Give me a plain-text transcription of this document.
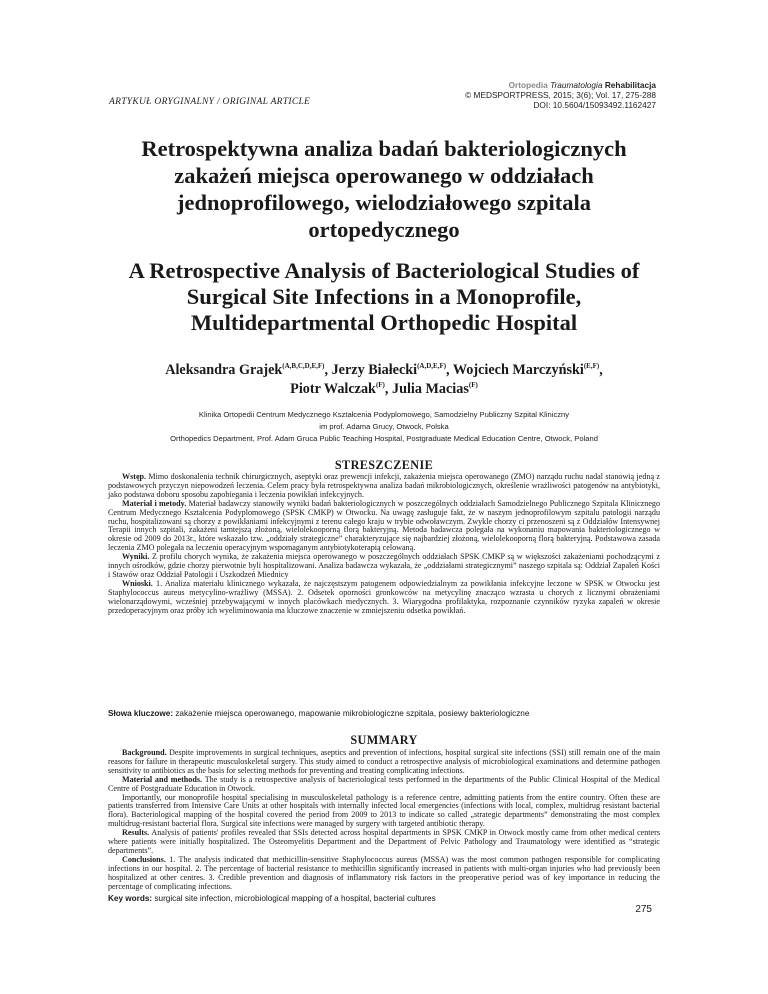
ARTYKUŁ ORYGINALNY / ORIGINAL ARTICLE
Ortopedia Traumatologia Rehabilitacja
© MEDSPORTPRESS, 2015; 3(6); Vol. 17, 275-288
DOI: 10.5604/15093492.1162427
Retrospektywna analiza badań bakteriologicznych zakażeń miejsca operowanego w oddziałach jednoprofilowego, wielodziałowego szpitala ortopedycznego
A Retrospective Analysis of Bacteriological Studies of Surgical Site Infections in a Monoprofile, Multidepartmental Orthopedic Hospital
Aleksandra Grajek$^{(A,B,C,D,E,F)}$, Jerzy Białecki$^{(A,D,E,F)}$, Wojciech Marczyński$^{(E,F)}$,
Piotr Walczak$^{(F)}$, Julia Macias$^{(F)}$
Klinika Ortopedii Centrum Medycznego Kształcenia Podyplomowego, Samodzielny Publiczny Szpital Kliniczny
im prof. Adama Grucy, Otwock, Polska
Orthopedics Department, Prof. Adam Gruca Public Teaching Hospital, Postgraduate Medical Education Centre, Otwock, Poland
STRESZCZENIE

Wstęp. Mimo doskonalenia technik chirurgicznych, aseptyki oraz prewencji infekcji, zakażenia miejsca operowanego (ZMO) narządu ruchu nadal stanowią jedną z podstawowych przyczyn niepowodzeń leczenia. Celem pracy była retrospektywna analiza badań mikrobiologicznych, określenie wrażliwości patogenów na antybiotyki, jako podstawa doboru sposobu zapobiegania i leczenia powikłań infekcyjnych.

Materiał i metody. Materiał badawczy stanowiły wyniki badań bakteriologicznych w poszczególnych oddziałach Samodzielnego Publicznego Szpitala Klinicznego Centrum Medycznego Kształcenia Podyplomowego (SPSK CMKP) w Otwocku. Na uwagę zasługuje fakt, że w naszym jednoprofilowym szpitalu patologii narządu ruchu, hospitalizowani są chorzy z powikłaniami infekcyjnymi z terenu całego kraju w trybie odwoławczym. Zwykle chorzy ci przenoszeni są z Oddziałów Intensywnej Terapii innych szpitali, zakażeni tamtejszą złożoną, wielolekooporną florą bakteryjną. Metoda badawcza polegała na wykonaniu mapowania bakteriologicznego w okresie od 2009 do 2013r., które wskazało tzw. „oddziały strategiczne” charakteryzujące się najbardziej złożoną, wielolekooporną florą bakteryjną. Podstawowa zasada leczenia ZMO polegała na leczeniu operacyjnym wspomaganym antybiotykoterapią celowaną.

Wyniki. Z profilu chorych wynika, że zakażenia miejsca operowanego w poszczególnych oddziałach SPSK CMKP są w większości zakażeniami pochodzącymi z innych ośrodków, gdzie chorzy pierwotnie byli hospitalizowani. Analiza badawcza wykazała, że „oddziałami strategicznymi” naszego szpitala są: Oddział Zapaleń Kości i Stawów oraz Oddział Patologii i Uszkodzeń Miednicy

Wnioski. 1. Analiza materiału klinicznego wykazała, że najczęstszym patogenem odpowiedzialnym za powikłania infekcyjne leczone w SPSK w Otwocku jest Staphylococcus aureus metycylino-wrażliwy (MSSA). 2. Odsetek oporności gronkowców na metycylinę znacząco wzrasta u chorych z licznymi obrażeniami wielonarządowymi, wcześniej przebywającymi w innych placówkach medycznych. 3. Wiarygodna profilaktyka, rozpoznanie czynników ryzyka zapaleń w okresie przedoperacyjnym oraz próby ich wyeliminowania ma kluczowe znaczenie w zmniejszeniu odsetka powikłań.

Słowa kluczowe: zakażenie miejsca operowanego, mapowanie mikrobiologiczne szpitala, posiewy bakteriologiczne
SUMMARY

Background. Despite improvements in surgical techniques, aseptics and prevention of infections, hospital surgical site infections (SSI) still remain one of the main reasons for failure in therapeutic musculoskeletal surgery. This study aimed to conduct a retrospective analysis of microbiological examinations and determine pathogen sensitivity to antibiotics as the basis for selecting methods for preventing and treating complicating infections.

Material and methods. The study is a retrospective analysis of bacteriological tests performed in the departments of the Public Clinical Hospital of the Medical Centre of Postgraduate Education in Otwock.

Importantly, our monoprofile hospital specialising in musculoskeletal pathology is a reference centre, admitting patients from the entire country. Often these are patients transferred from Intensive Care Units at other hospitals with internally infected local emergencies (infections with local, complex, multidrug resistant bacterial flora). Bacteriological mapping of the hospital covered the period from 2009 to 2013 to indicate so called „strategic departments” demonstrating the most complex multidrug-resistant bacterial flora. Surgical site infections were managed by surgery with targeted antibiotic therapy.

Results. Analysis of patients' profiles revealed that SSIs detected across hospital departments in SPSK CMKP in Otwock mostly came from other medical centers where patients were initially hospitalized. The Osteomyelitis Department and the Department of Pelvic Pathology and Traumatology were identified as “strategic departments”.

Conclusions. 1. The analysis indicated that methicillin-sensitive Staphylococcus aureus (MSSA) was the most common pathogen responsible for complicating infections in our hospital. 2. The percentage of bacterial resistance to methicillin significantly increased in patients with multi-organ injuries who had previously been hospitalized at other centres. 3. Credible prevention and diagnosis of inflammatory risk factors in the preoperative period was of key importance in reducing the percentage of complicating infections.

Key words: surgical site infection, microbiological mapping of a hospital, bacterial cultures
275
